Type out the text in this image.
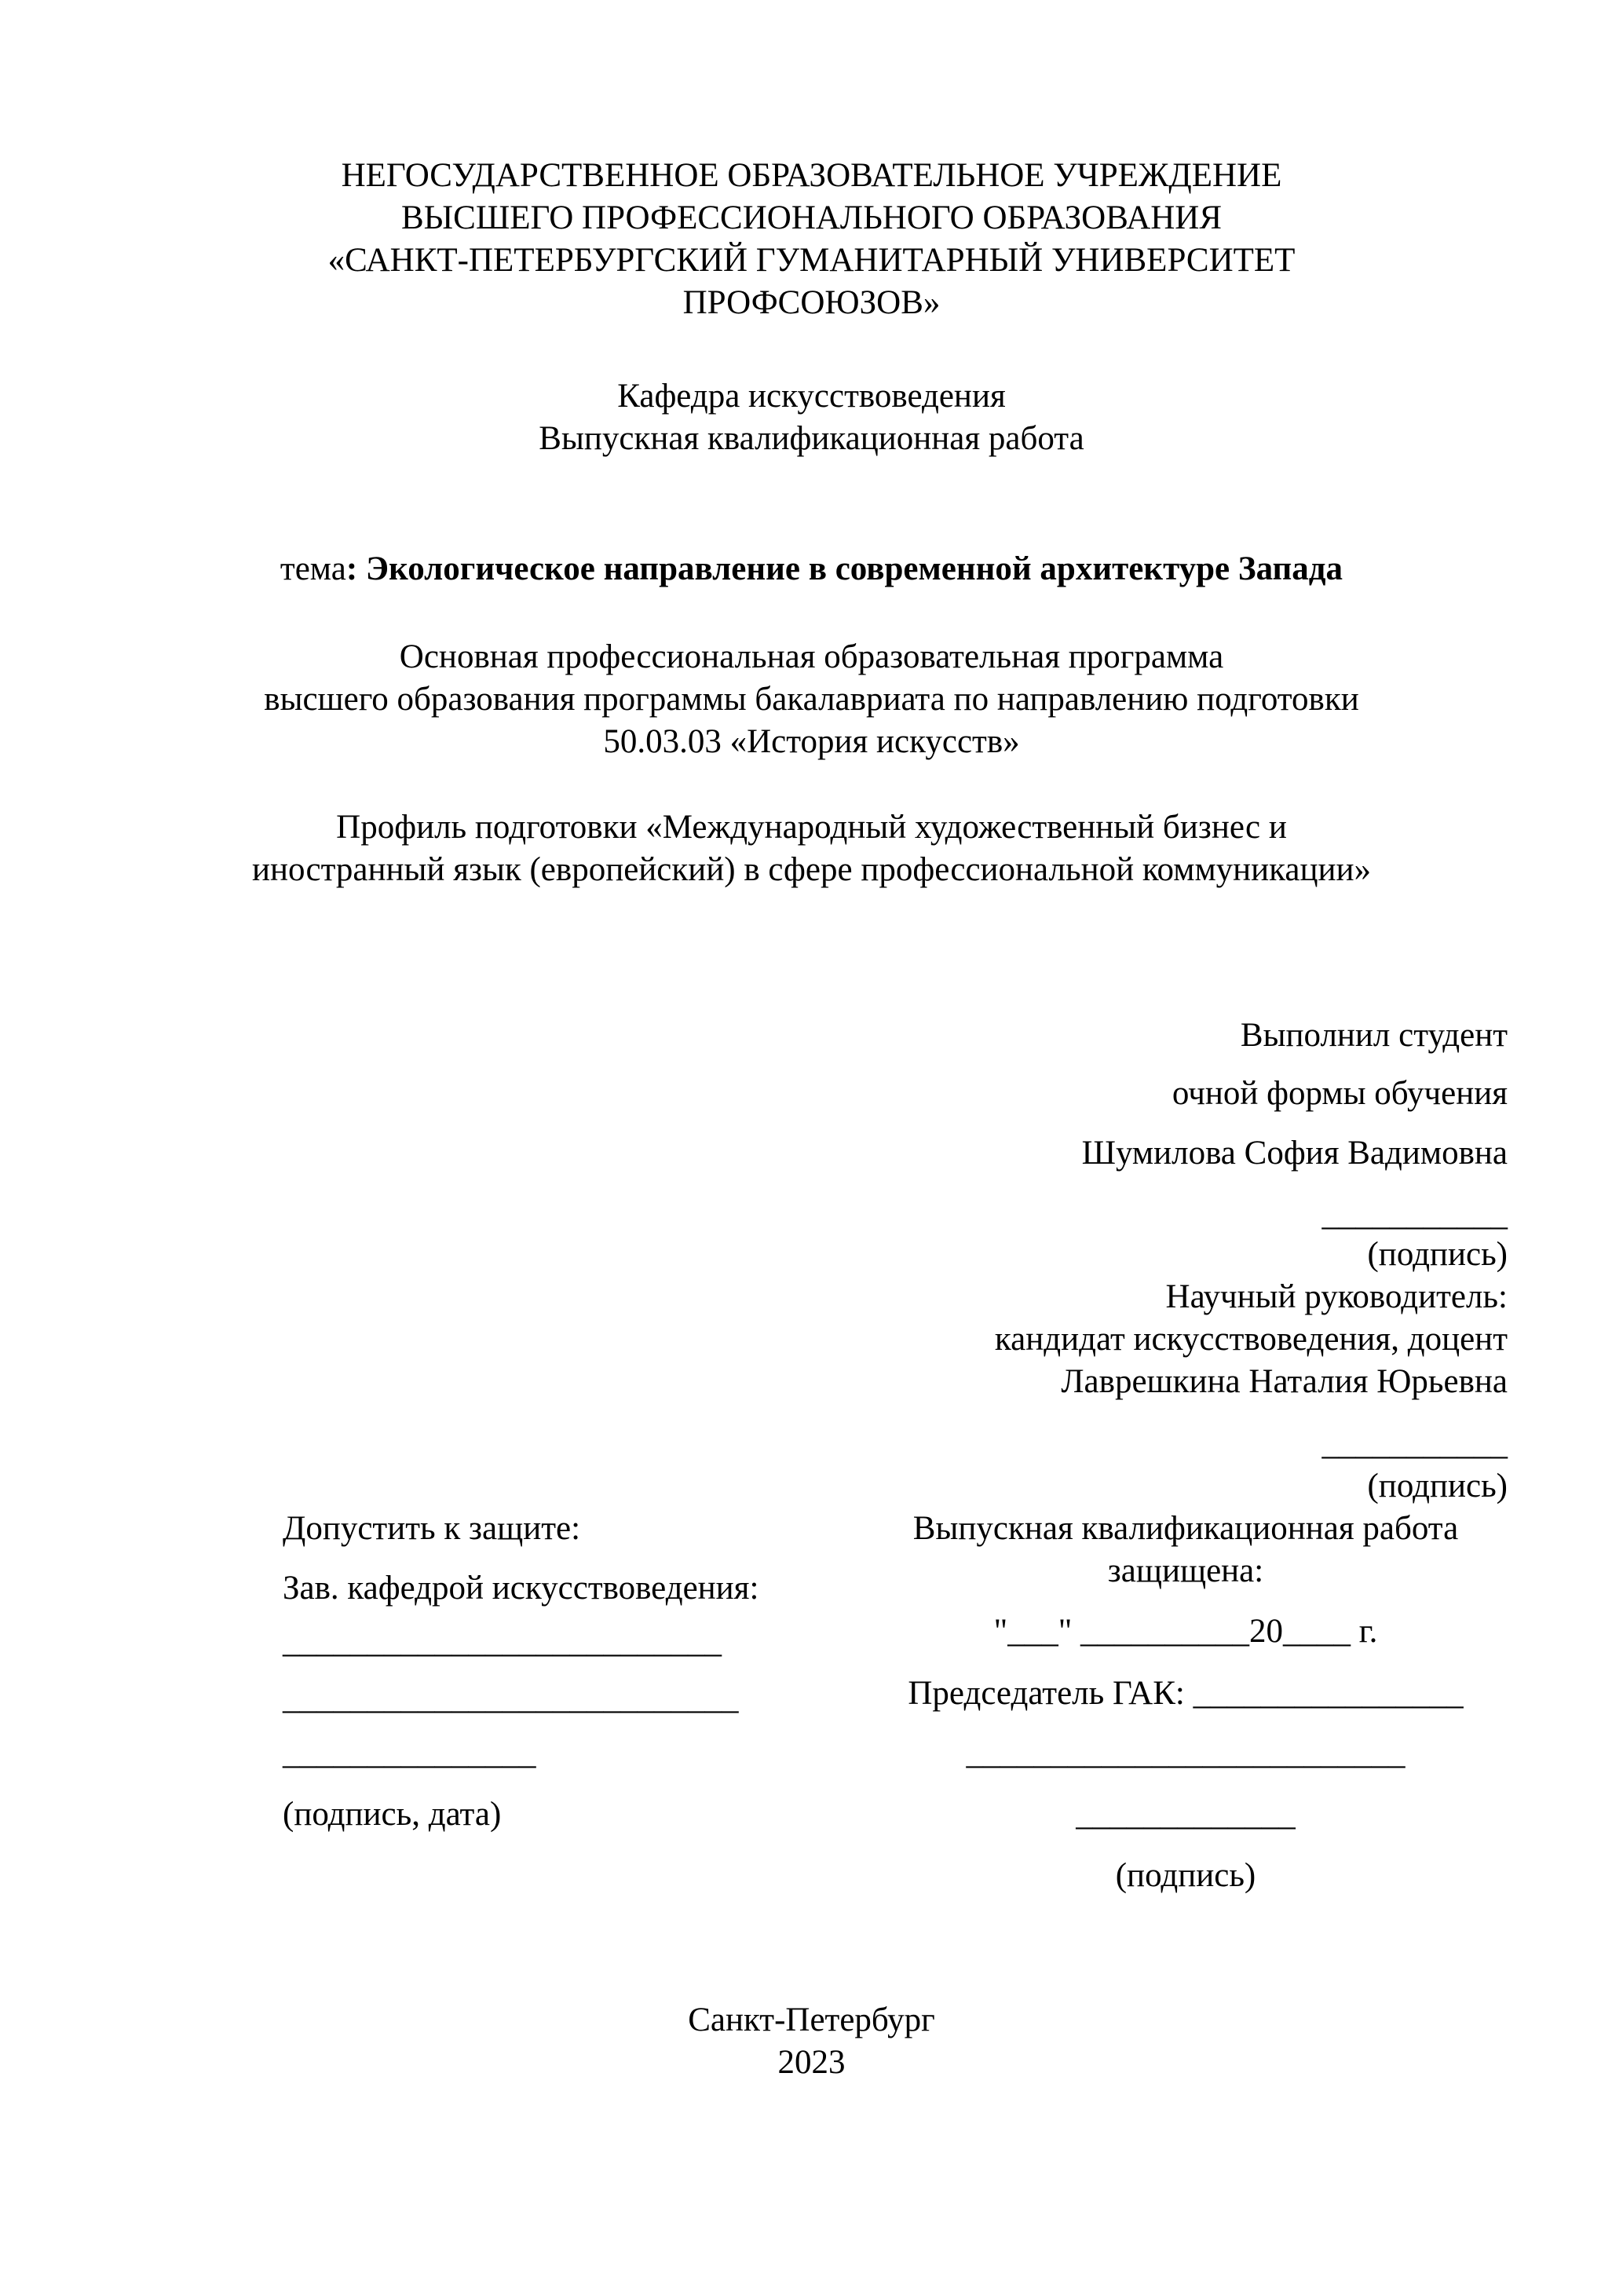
НЕГОСУДАРСТВЕННОЕ ОБРАЗОВАТЕЛЬНОЕ УЧРЕЖДЕНИЕ
ВЫСШЕГО ПРОФЕССИОНАЛЬНОГО ОБРАЗОВАНИЯ
«САНКТ-ПЕТЕРБУРГСКИЙ ГУМАНИТАРНЫЙ УНИВЕРСИТЕТ
ПРОФСОЮЗОВ»
Кафедра искусствоведения
Выпускная квалификационная работа
тема: Экологическое направление в современной архитектуре Запада
Основная профессиональная образовательная программа
высшего образования программы бакалавриата по направлению подготовки
50.03.03 «История искусств»
Профиль подготовки «Международный художественный бизнес и
иностранный язык (европейский) в сфере профессиональной коммуникации»
Выполнил студент
очной формы обучения
Шумилова София Вадимовна
___________
(подпись)
Научный руководитель:
кандидат искусствоведения, доцент
Лаврешкина Наталия Юрьевна
___________
(подпись)
Допустить к защите:
Зав. кафедрой искусствоведения:
__________________________
___________________________
_______________
(подпись, дата)
Выпускная квалификационная работа
защищена:
"___" __________20____ г.
Председатель ГАК: ________________
__________________________
_____________
(подпись)
Санкт-Петербург
2023
